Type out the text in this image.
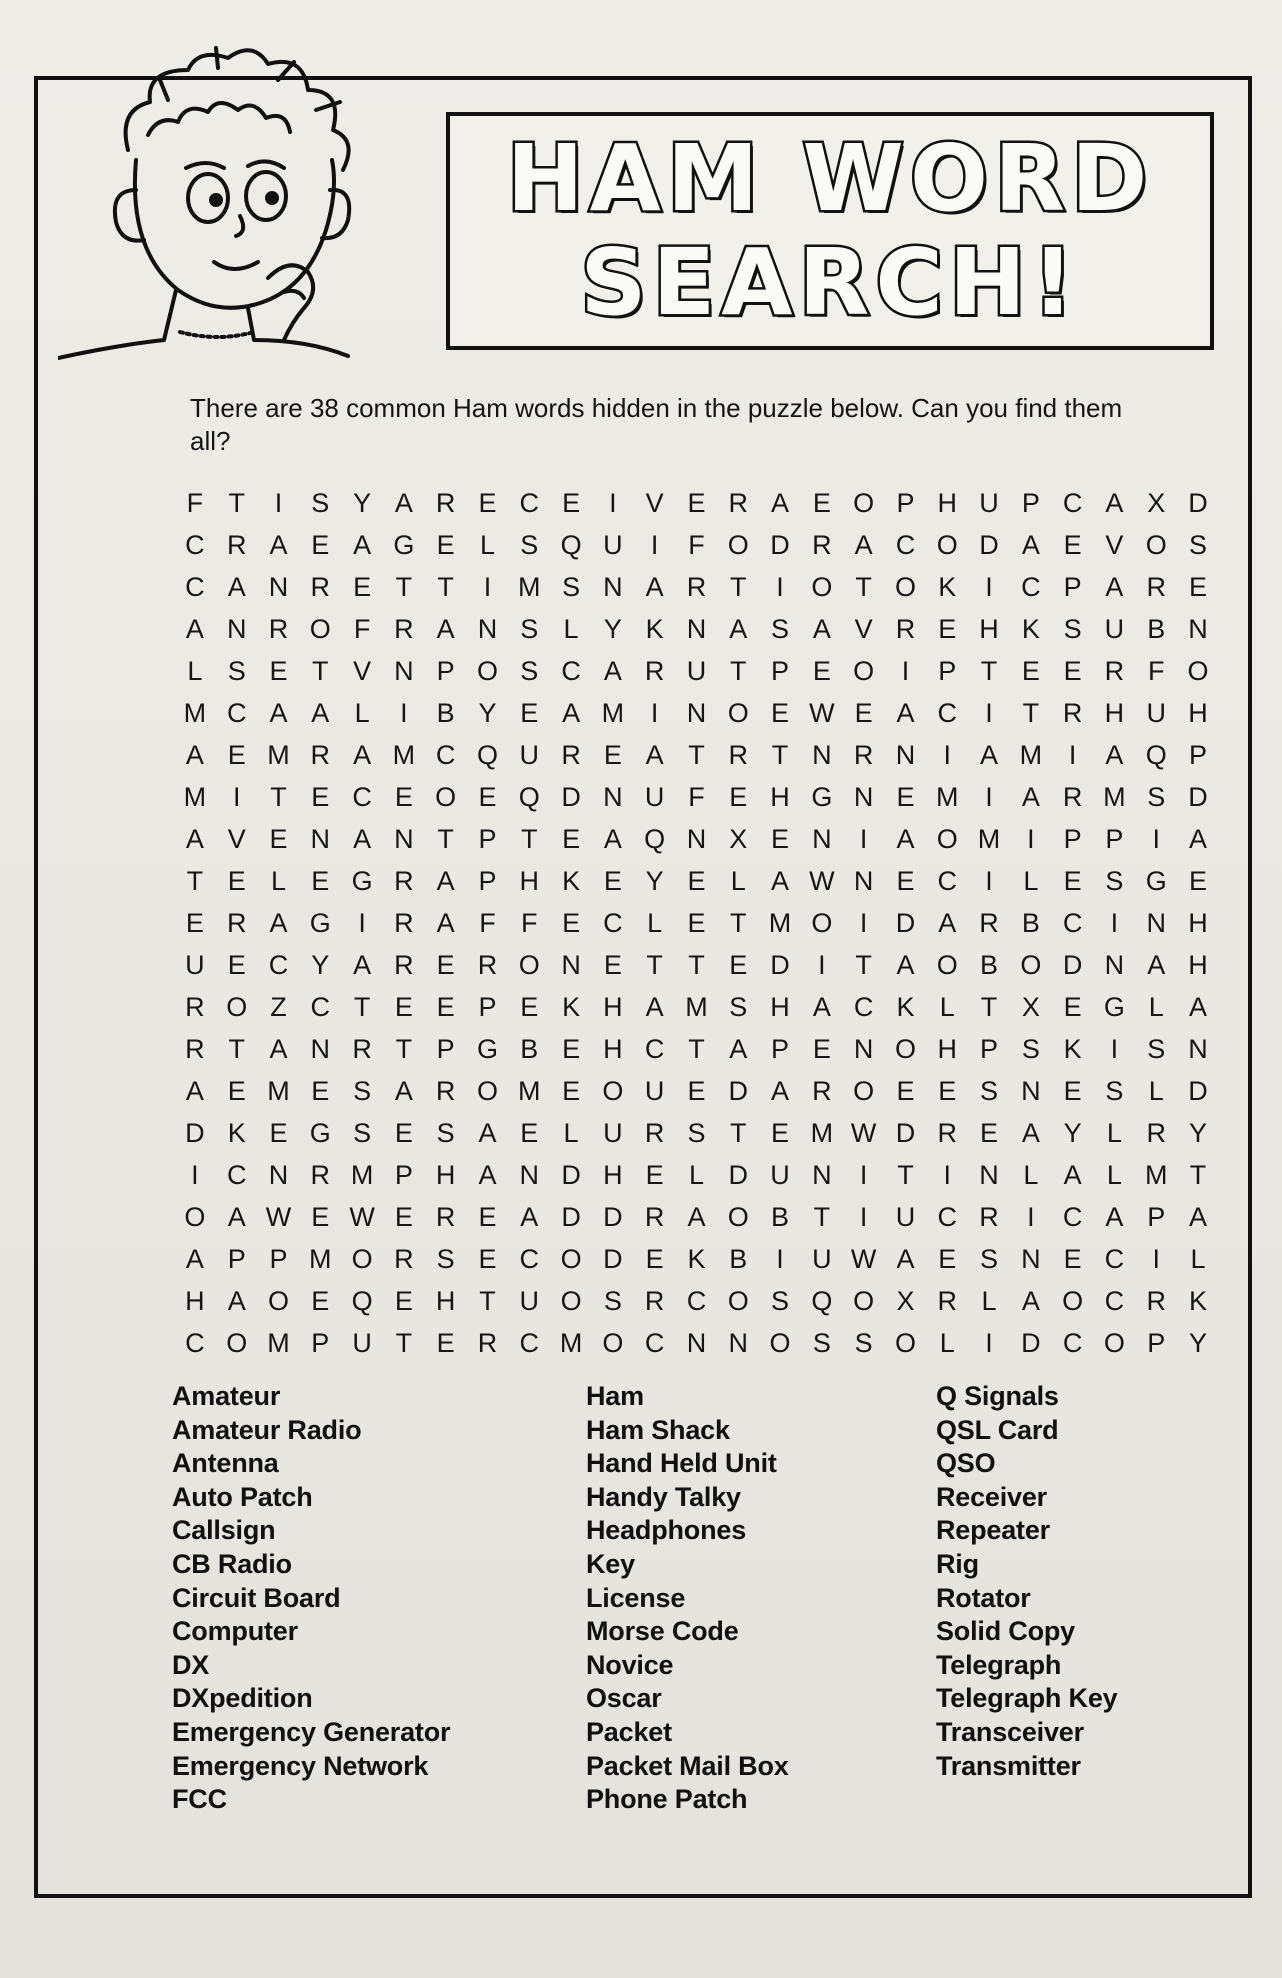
HAM WORD
SEARCH!
There are 38 common Ham words hidden in the puzzle below. Can you find them all?
F T	I	S Y A R E C E	I	V E R A E O P H U P C A X D
C R A E A G E L S Q U	I	F O D R A C O D A E V O S
C A N R E T T	I M S N A R T	I	O T O K	I	C P A R E
A N R O F R A N S L Y K N A S A V R E H K S U B N
L S E T V N P O S C A R U T P E O	I	P T E E R F O
M C A A L	I	B Y E A M I	N O E W E A C	I	T R H U H
A E M R A M C Q U R E A T R T N R N	I	A M I	A Q P
M I	T E C E O E Q D N U F E H G N E M I	A R M S D
A V E N A N T P T E A Q N X E N	I	A O M I	P P	I	A
T E L E G R A P H K E Y E L A W N E C	I	L E S G E
E R A G	I	R A F F E C L E T M O	I	D A R B C	I	N H
U E C Y A R E R O N E T T E D	I	T A O B O D N A H
R O Z C T E E P E K H A M S H A C K L T X E G L A
R T A N R T P G B E H C T A P E N O H P S K	I	S N
A E M E S A R O M E O U E D A R O E E S N E S L D
D K E G S E S A E L U R S T E M W D R E A Y L R Y
I	C N R M P H A N D H E L D U N	I	T	I	N L A L M T
O A W E W E R E A D D R A O B T	I	U C R	I	C A P A
A P P M O R S E C O D E K B	I	U W A E S N E C	I	L
H A O E Q E H T U O S R C O S Q O X R L A O C R K
C O M P U T E R C M O C N N O S S O L	I	D C O P Y
Amateur
Amateur Radio
Antenna
Auto Patch
Callsign
CB Radio
Circuit Board
Computer
DX
DXpedition
Emergency Generator
Emergency Network
FCC
Ham
Ham Shack
Hand Held Unit
Handy Talky
Headphones
Key
License
Morse Code
Novice
Oscar
Packet
Packet Mail Box
Phone Patch
Q Signals
QSL Card
QSO
Receiver
Repeater
Rig
Rotator
Solid Copy
Telegraph
Telegraph Key
Transceiver
Transmitter
